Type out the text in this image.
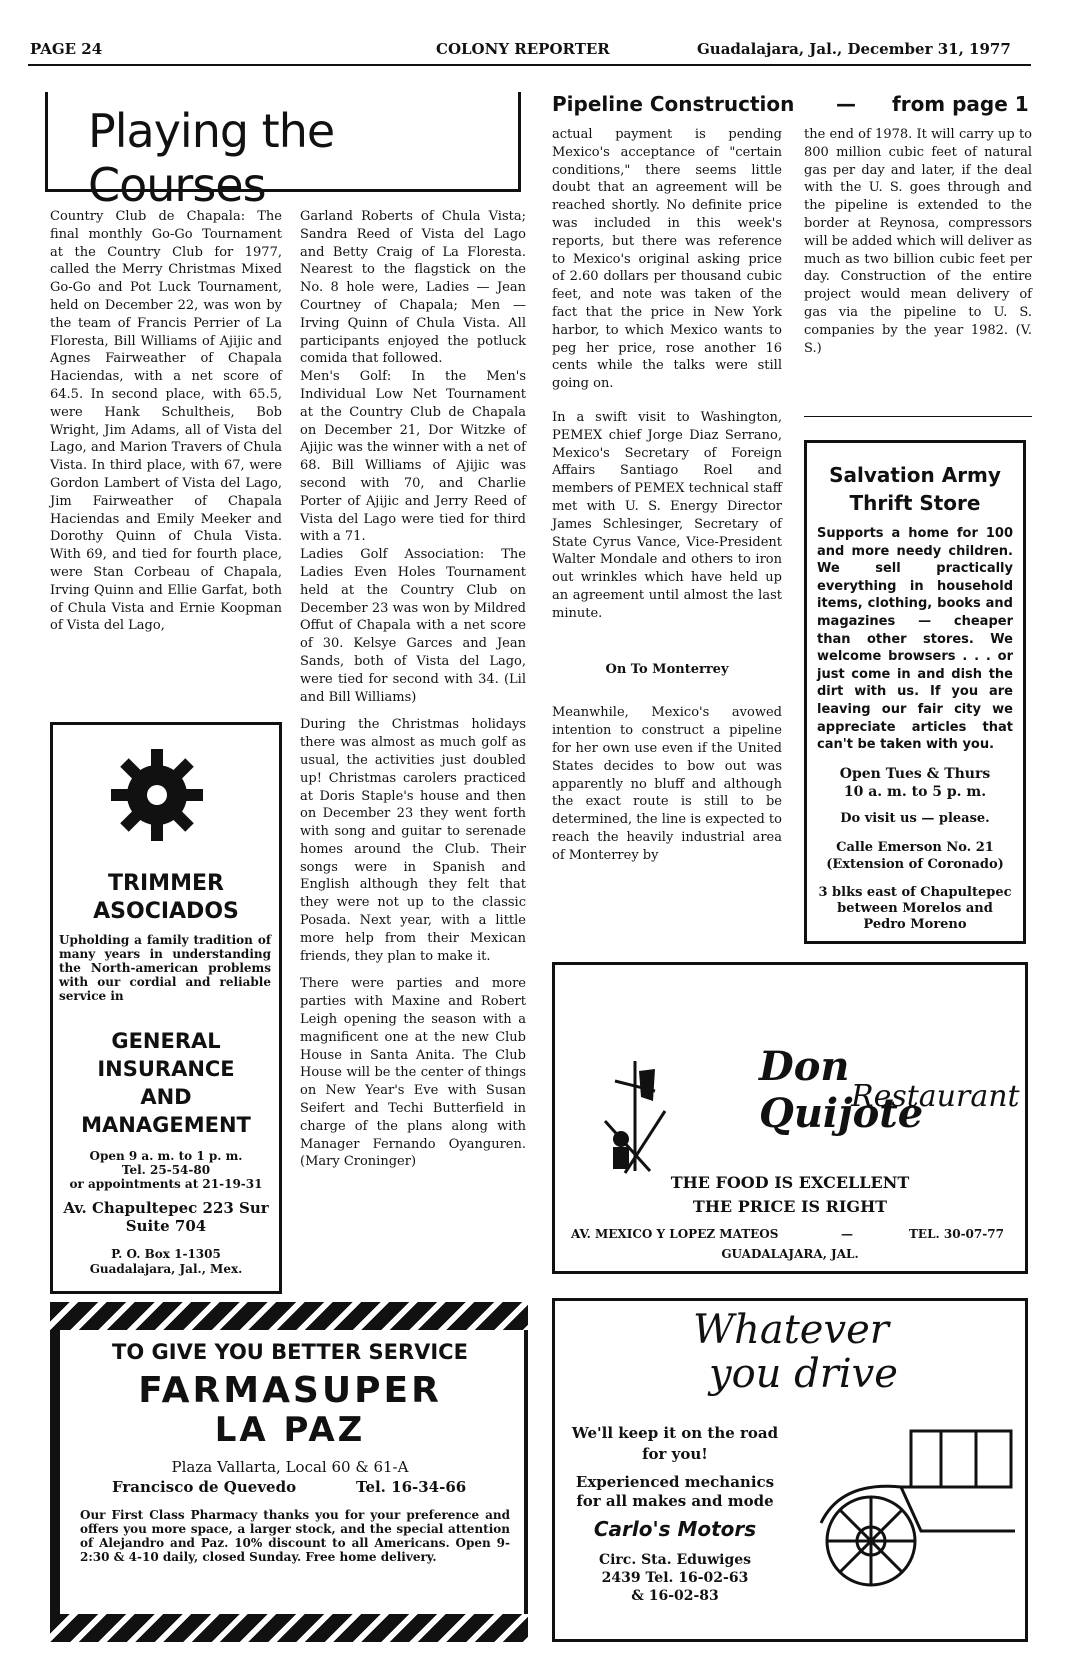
PAGE 24	COLONY REPORTER	Guadalajara, Jal., December 31, 1977
Playing the Courses

Country Club de Chapala: The final monthly Go-Go Tournament at the Country Club for 1977, called the Merry Christmas Mixed Go-Go and Pot Luck Tournament, held on December 22, was won by the team of Francis Perrier of La Floresta, Bill Williams of Ajijic and Agnes Fairweather of Chapala Haciendas, with a net score of 64.5. In second place, with 65.5, were Hank Schultheis, Bob Wright, Jim Adams, all of Vista del Lago, and Marion Travers of Chula Vista. In third place, with 67, were Gordon Lambert of Vista del Lago, Jim Fairweather of Chapala Haciendas and Emily Meeker and Dorothy Quinn of Chula Vista. With 69, and tied for fourth place, were Stan Corbeau of Chapala, Irving Quinn and Ellie Garfat, both of Chula Vista and Ernie Koopman of Vista del Lago,

Garland Roberts of Chula Vista; Sandra Reed of Vista del Lago and Betty Craig of La Floresta. Nearest to the flagstick on the No. 8 hole were, Ladies — Jean Courtney of Chapala; Men — Irving Quinn of Chula Vista. All participants enjoyed the potluck comida that followed.

Men's Golf: In the Men's Individual Low Net Tournament at the Country Club de Chapala on December 21, Dor Witzke of Ajijic was the winner with a net of 68. Bill Williams of Ajijic was second with 70, and Charlie Porter of Ajijic and Jerry Reed of Vista del Lago were tied for third with a 71.

Ladies Golf Association: The Ladies Even Holes Tournament held at the Country Club on December 23 was won by Mildred Offut of Chapala with a net score of 30. Kelsye Garces and Jean Sands, both of Vista del Lago, were tied for second with 34. (Lil and Bill Williams)

During the Christmas holidays there was almost as much golf as usual, the activities just doubled up! Christmas carolers practiced at Doris Staple's house and then on December 23 they went forth with song and guitar to serenade homes around the Club. Their songs were in Spanish and English although they felt that they were not up to the classic Posada. Next year, with a little more help from their Mexican friends, they plan to make it.

There were parties and more parties with Maxine and Robert Leigh opening the season with a magnificent one at the new Club House in Santa Anita. The Club House will be the center of things on New Year's Eve with Susan Seifert and Techi Butterfield in charge of the plans along with Manager Fernando Oyanguren. (Mary Croninger)

TRIMMER
ASOCIADOS
Upholding a family tradition of many years in understanding the North-american problems with our cordial and reliable service in
GENERAL
INSURANCE
AND
MANAGEMENT
Open 9 a. m. to 1 p. m.
Tel. 25-54-80
or appointments at 21-19-31
Av. Chapultepec 223 Sur
Suite 704
P. O. Box 1-1305
Guadalajara, Jal., Mex.
Pipeline Construction — from page 1

actual payment is pending Mexico's acceptance of "certain conditions," there seems little doubt that an agreement will be reached shortly. No definite price was included in this week's reports, but there was reference to Mexico's original asking price of 2.60 dollars per thousand cubic feet, and note was taken of the fact that the price in New York harbor, to which Mexico wants to peg her price, rose another 16 cents while the talks were still going on.

In a swift visit to Washington, PEMEX chief Jorge Diaz Serrano, Mexico's Secretary of Foreign Affairs Santiago Roel and members of PEMEX technical staff met with U. S. Energy Director James Schlesinger, Secretary of State Cyrus Vance, Vice-President Walter Mondale and others to iron out wrinkles which have held up an agreement until almost the last minute.

On To Monterrey

Meanwhile, Mexico's avowed intention to construct a pipeline for her own use even if the United States decides to bow out was apparently no bluff and although the exact route is still to be determined, the line is expected to reach the heavily industrial area of Monterrey by

the end of 1978. It will carry up to 800 million cubic feet of natural gas per day and later, if the deal with the U. S. goes through and the pipeline is extended to the border at Reynosa, compressors will be added which will deliver as much as two billion cubic feet per day. Construction of the entire project would mean delivery of gas via the pipeline to U. S. companies by the year 1982. (V. S.)

Salvation Army
Thrift Store
Supports a home for 100 and more needy children. We sell practically everything in household items, clothing, books and magazines — cheaper than other stores. We welcome browsers . . . or just come in and dish the dirt with us. If you are leaving our fair city we appreciate articles that can't be taken with you.
Open Tues & Thurs
10 a. m. to 5 p. m.
Do visit us — please.
Calle Emerson No. 21
(Extension of Coronado)
3 blks east of Chapultepec
between Morelos and
Pedro Moreno
Don Quijote
Restaurant
THE FOOD IS EXCELLENT
THE PRICE IS RIGHT
AV. MEXICO Y LOPEZ MATEOS	—	TEL. 30-07-77
GUADALAJARA, JAL.
TO GIVE YOU BETTER SERVICE
FARMASUPER
LA PAZ
Plaza Vallarta, Local 60 & 61-A
Francisco de Quevedo	Tel. 16-34-66
Our First Class Pharmacy thanks you for your preference and offers you more space, a larger stock, and the special attention of Alejandro and Paz. 10% discount to all Americans. Open 9-2:30 & 4-10 daily, closed Sunday. Free home delivery.
Whatever
you drive
We'll keep it on the road
for you!
Experienced mechanics
for all makes and mode
Carlo's Motors
Circ. Sta. Eduwiges
2439 Tel. 16-02-63
& 16-02-83
